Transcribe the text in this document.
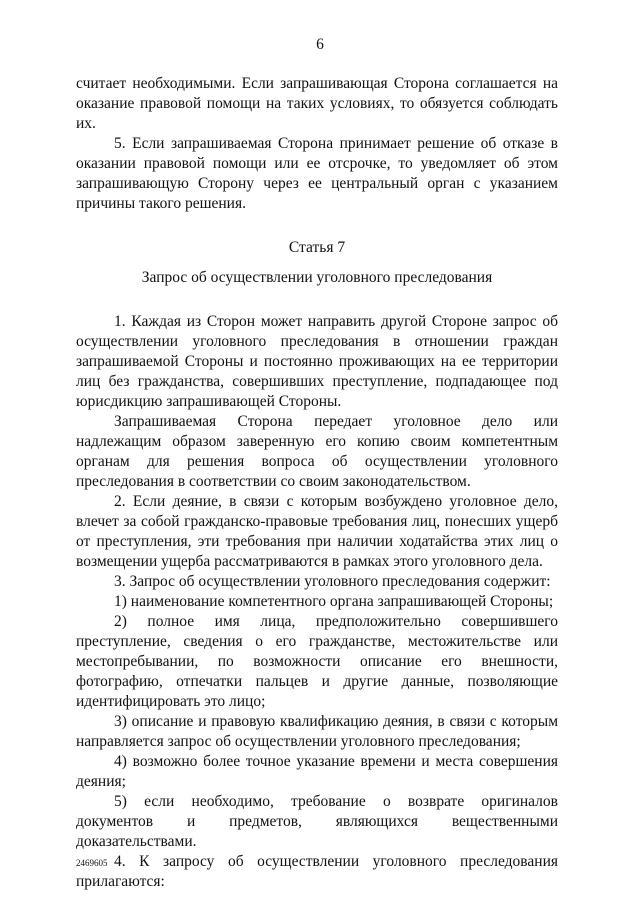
6

считает необходимыми. Если запрашивающая Сторона соглашается на оказание правовой помощи на таких условиях, то обязуется соблюдать их.

5. Если запрашиваемая Сторона принимает решение об отказе в оказании правовой помощи или ее отсрочке, то уведомляет об этом запрашивающую Сторону через ее центральный орган с указанием причины такого решения.

Статья 7
Запрос об осуществлении уголовного преследования

1. Каждая из Сторон может направить другой Стороне запрос об осуществлении уголовного преследования в отношении граждан запрашиваемой Стороны и постоянно проживающих на ее территории лиц без гражданства, совершивших преступление, подпадающее под юрисдикцию запрашивающей Стороны.

Запрашиваемая Сторона передает уголовное дело или надлежащим образом заверенную его копию своим компетентным органам для решения вопроса об осуществлении уголовного преследования в соответствии со своим законодательством.

2. Если деяние, в связи с которым возбуждено уголовное дело, влечет за собой гражданско-правовые требования лиц, понесших ущерб от преступления, эти требования при наличии ходатайства этих лиц о возмещении ущерба рассматриваются в рамках этого уголовного дела.

3. Запрос об осуществлении уголовного преследования содержит:

1) наименование компетентного органа запрашивающей Стороны;

2) полное имя лица, предположительно совершившего преступление, сведения о его гражданстве, местожительстве или местопребывании, по возможности описание его внешности, фотографию, отпечатки пальцев и другие данные, позволяющие идентифицировать это лицо;

3) описание и правовую квалификацию деяния, в связи с которым направляется запрос об осуществлении уголовного преследования;

4) возможно более точное указание времени и места совершения деяния;

5) если необходимо, требование о возврате оригиналов документов и предметов, являющихся вещественными доказательствами.

4. К запросу об осуществлении уголовного преследования прилагаются:

2469605
